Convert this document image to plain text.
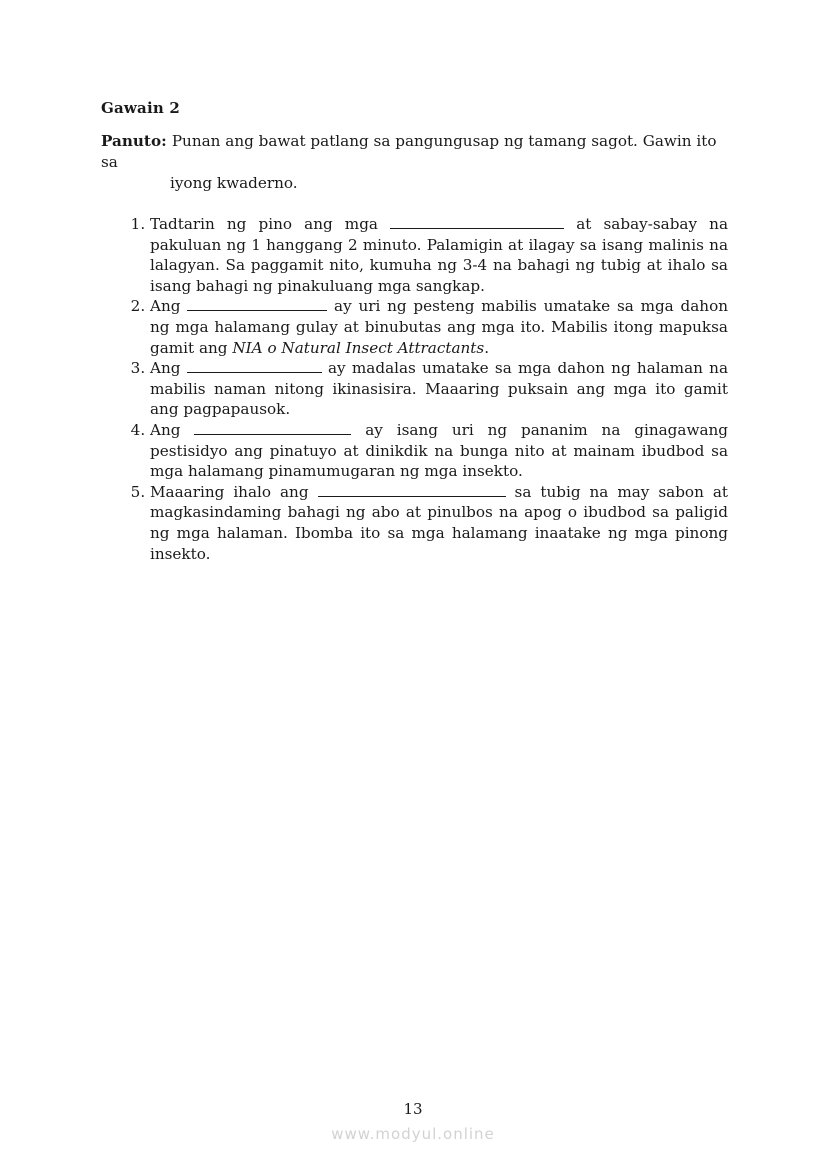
Gawain 2
Panuto: Punan ang bawat patlang sa pangungusap ng tamang sagot. Gawin ito sa
iyong kwaderno.
1. Tadtarin ng pino ang mga	at sabay-sabay na pakuluan ng 1 hanggang 2 minuto. Palamigin at ilagay sa isang malinis na lalagyan. Sa paggamit nito, kumuha ng 3-4 na bahagi ng tubig at ihalo sa isang bahagi ng pinakuluang mga sangkap.
2. Ang	ay uri ng pesteng mabilis umatake sa mga dahon ng mga halamang gulay at binubutas ang mga ito. Mabilis itong mapuksa gamit ang NIA o Natural Insect Attractants.
3. Ang	ay madalas umatake sa mga dahon ng halaman na mabilis naman nitong ikinasisira. Maaaring puksain ang mga ito gamit ang pagpapausok.
4. Ang	ay isang uri ng pananim na ginagawang pestisidyo ang pinatuyo at dinikdik na bunga nito at mainam ibudbod sa mga halamang pinamumugaran ng mga insekto.
5. Maaaring ihalo ang	sa tubig na may sabon at magkasindaming bahagi ng abo at pinulbos na apog o ibudbod sa paligid ng mga halaman. Ibomba ito sa mga halamang inaatake ng mga pinong insekto.
13
www.modyul.online
